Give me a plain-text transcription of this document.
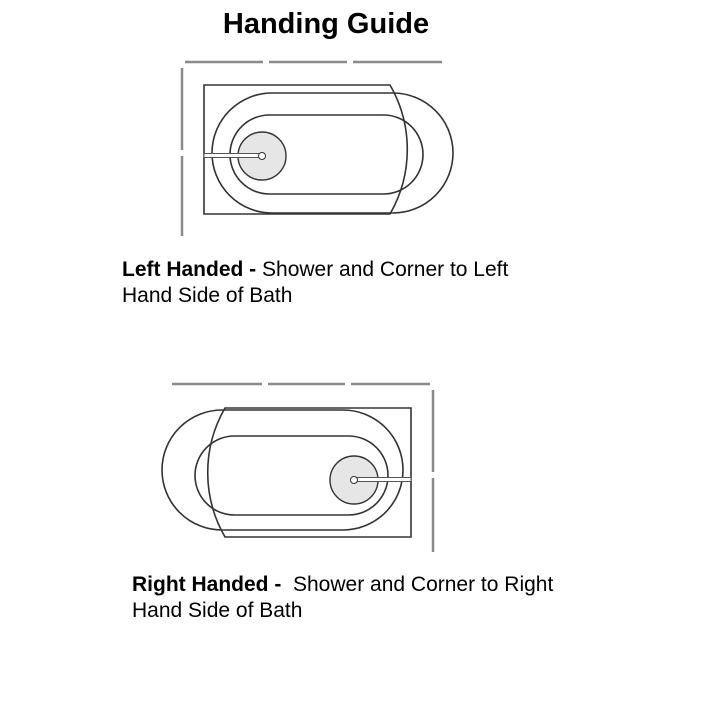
Handing Guide
Left Handed - Shower and Corner to Left Hand Side of Bath
Right Handed - Shower and Corner to Right Hand Side of Bath
